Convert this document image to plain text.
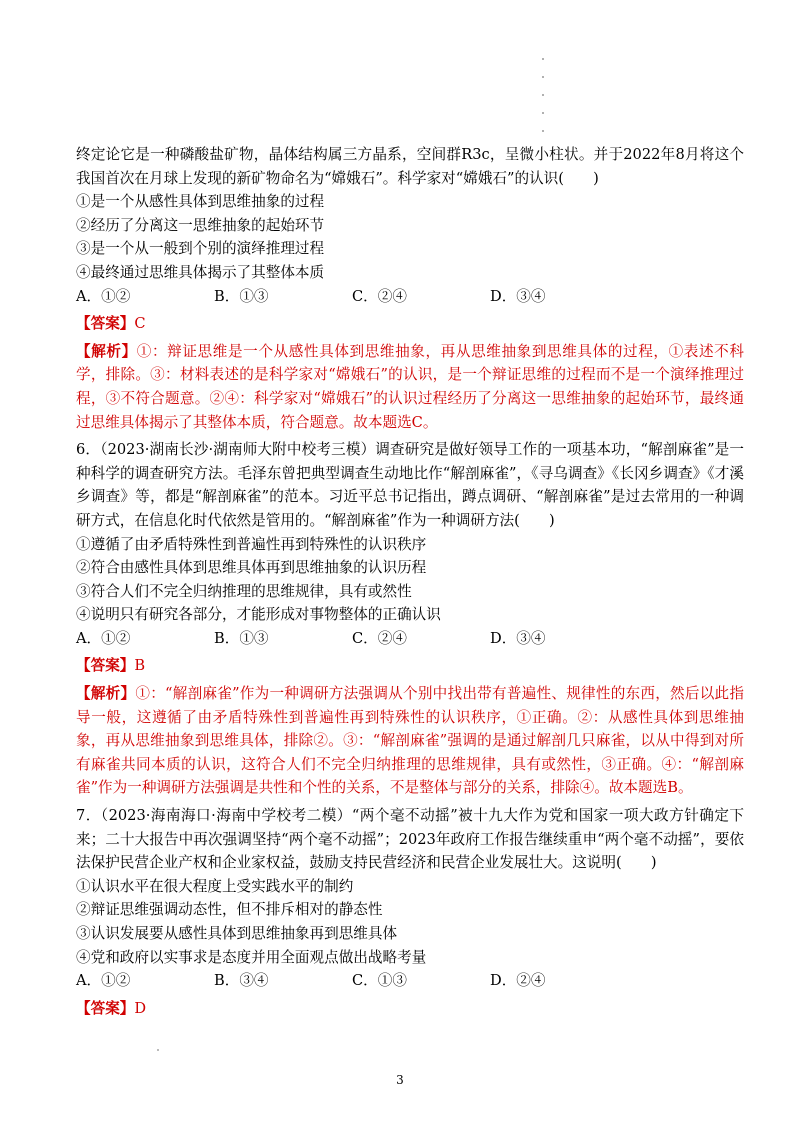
终定论它是一种磷酸盐矿物，晶体结构属三方晶系，空间群R3c，呈微小柱状。并于2022年8月将这个我国首次在月球上发现的新矿物命名为“嫦娥石”。科学家对“嫦娥石”的认识(　　)
①是一个从感性具体到思维抽象的过程
②经历了分离这一思维抽象的起始环节
③是一个从一般到个别的演绎推理过程
④最终通过思维具体揭示了其整体本质
A．①②	B．①③	C．②④	D．③④
【答案】C
【解析】①：辩证思维是一个从感性具体到思维抽象，再从思维抽象到思维具体的过程，①表述不科学，排除。③：材料表述的是科学家对“嫦娥石”的认识，是一个辩证思维的过程而不是一个演绎推理过程，③不符合题意。②④：科学家对“嫦娥石”的认识过程经历了分离这一思维抽象的起始环节，最终通过思维具体揭示了其整体本质，符合题意。故本题选C。
6．（2023·湖南长沙·湖南师大附中校考三模）调查研究是做好领导工作的一项基本功，“解剖麻雀”是一种科学的调查研究方法。毛泽东曾把典型调查生动地比作“解剖麻雀”，《寻乌调查》《长冈乡调查》《才溪乡调查》等，都是“解剖麻雀”的范本。习近平总书记指出，蹲点调研、“解剖麻雀”是过去常用的一种调研方式，在信息化时代依然是管用的。“解剖麻雀”作为一种调研方法(　　)
①遵循了由矛盾特殊性到普遍性再到特殊性的认识秩序
②符合由感性具体到思维具体再到思维抽象的认识历程
③符合人们不完全归纳推理的思维规律，具有或然性
④说明只有研究各部分，才能形成对事物整体的正确认识
A．①②	B．①③	C．②④	D．③④
【答案】B
【解析】①：“解剖麻雀”作为一种调研方法强调从个别中找出带有普遍性、规律性的东西，然后以此指导一般，这遵循了由矛盾特殊性到普遍性再到特殊性的认识秩序，①正确。②：从感性具体到思维抽象，再从思维抽象到思维具体，排除②。③：“解剖麻雀”强调的是通过解剖几只麻雀，以从中得到对所有麻雀共同本质的认识，这符合人们不完全归纳推理的思维规律，具有或然性，③正确。④：“解剖麻雀”作为一种调研方法强调是共性和个性的关系，不是整体与部分的关系，排除④。故本题选B。
7．（2023·海南海口·海南中学校考二模）“两个毫不动摇”被十九大作为党和国家一项大政方针确定下来；二十大报告中再次强调坚持“两个毫不动摇”；2023年政府工作报告继续重申“两个毫不动摇”，要依法保护民营企业产权和企业家权益，鼓励支持民营经济和民营企业发展壮大。这说明(　　)
①认识水平在很大程度上受实践水平的制约
②辩证思维强调动态性，但不排斥相对的静态性
③认识发展要从感性具体到思维抽象再到思维具体
④党和政府以实事求是态度并用全面观点做出战略考量
A．①②	B．③④	C．①③	D．②④
【答案】D
3
